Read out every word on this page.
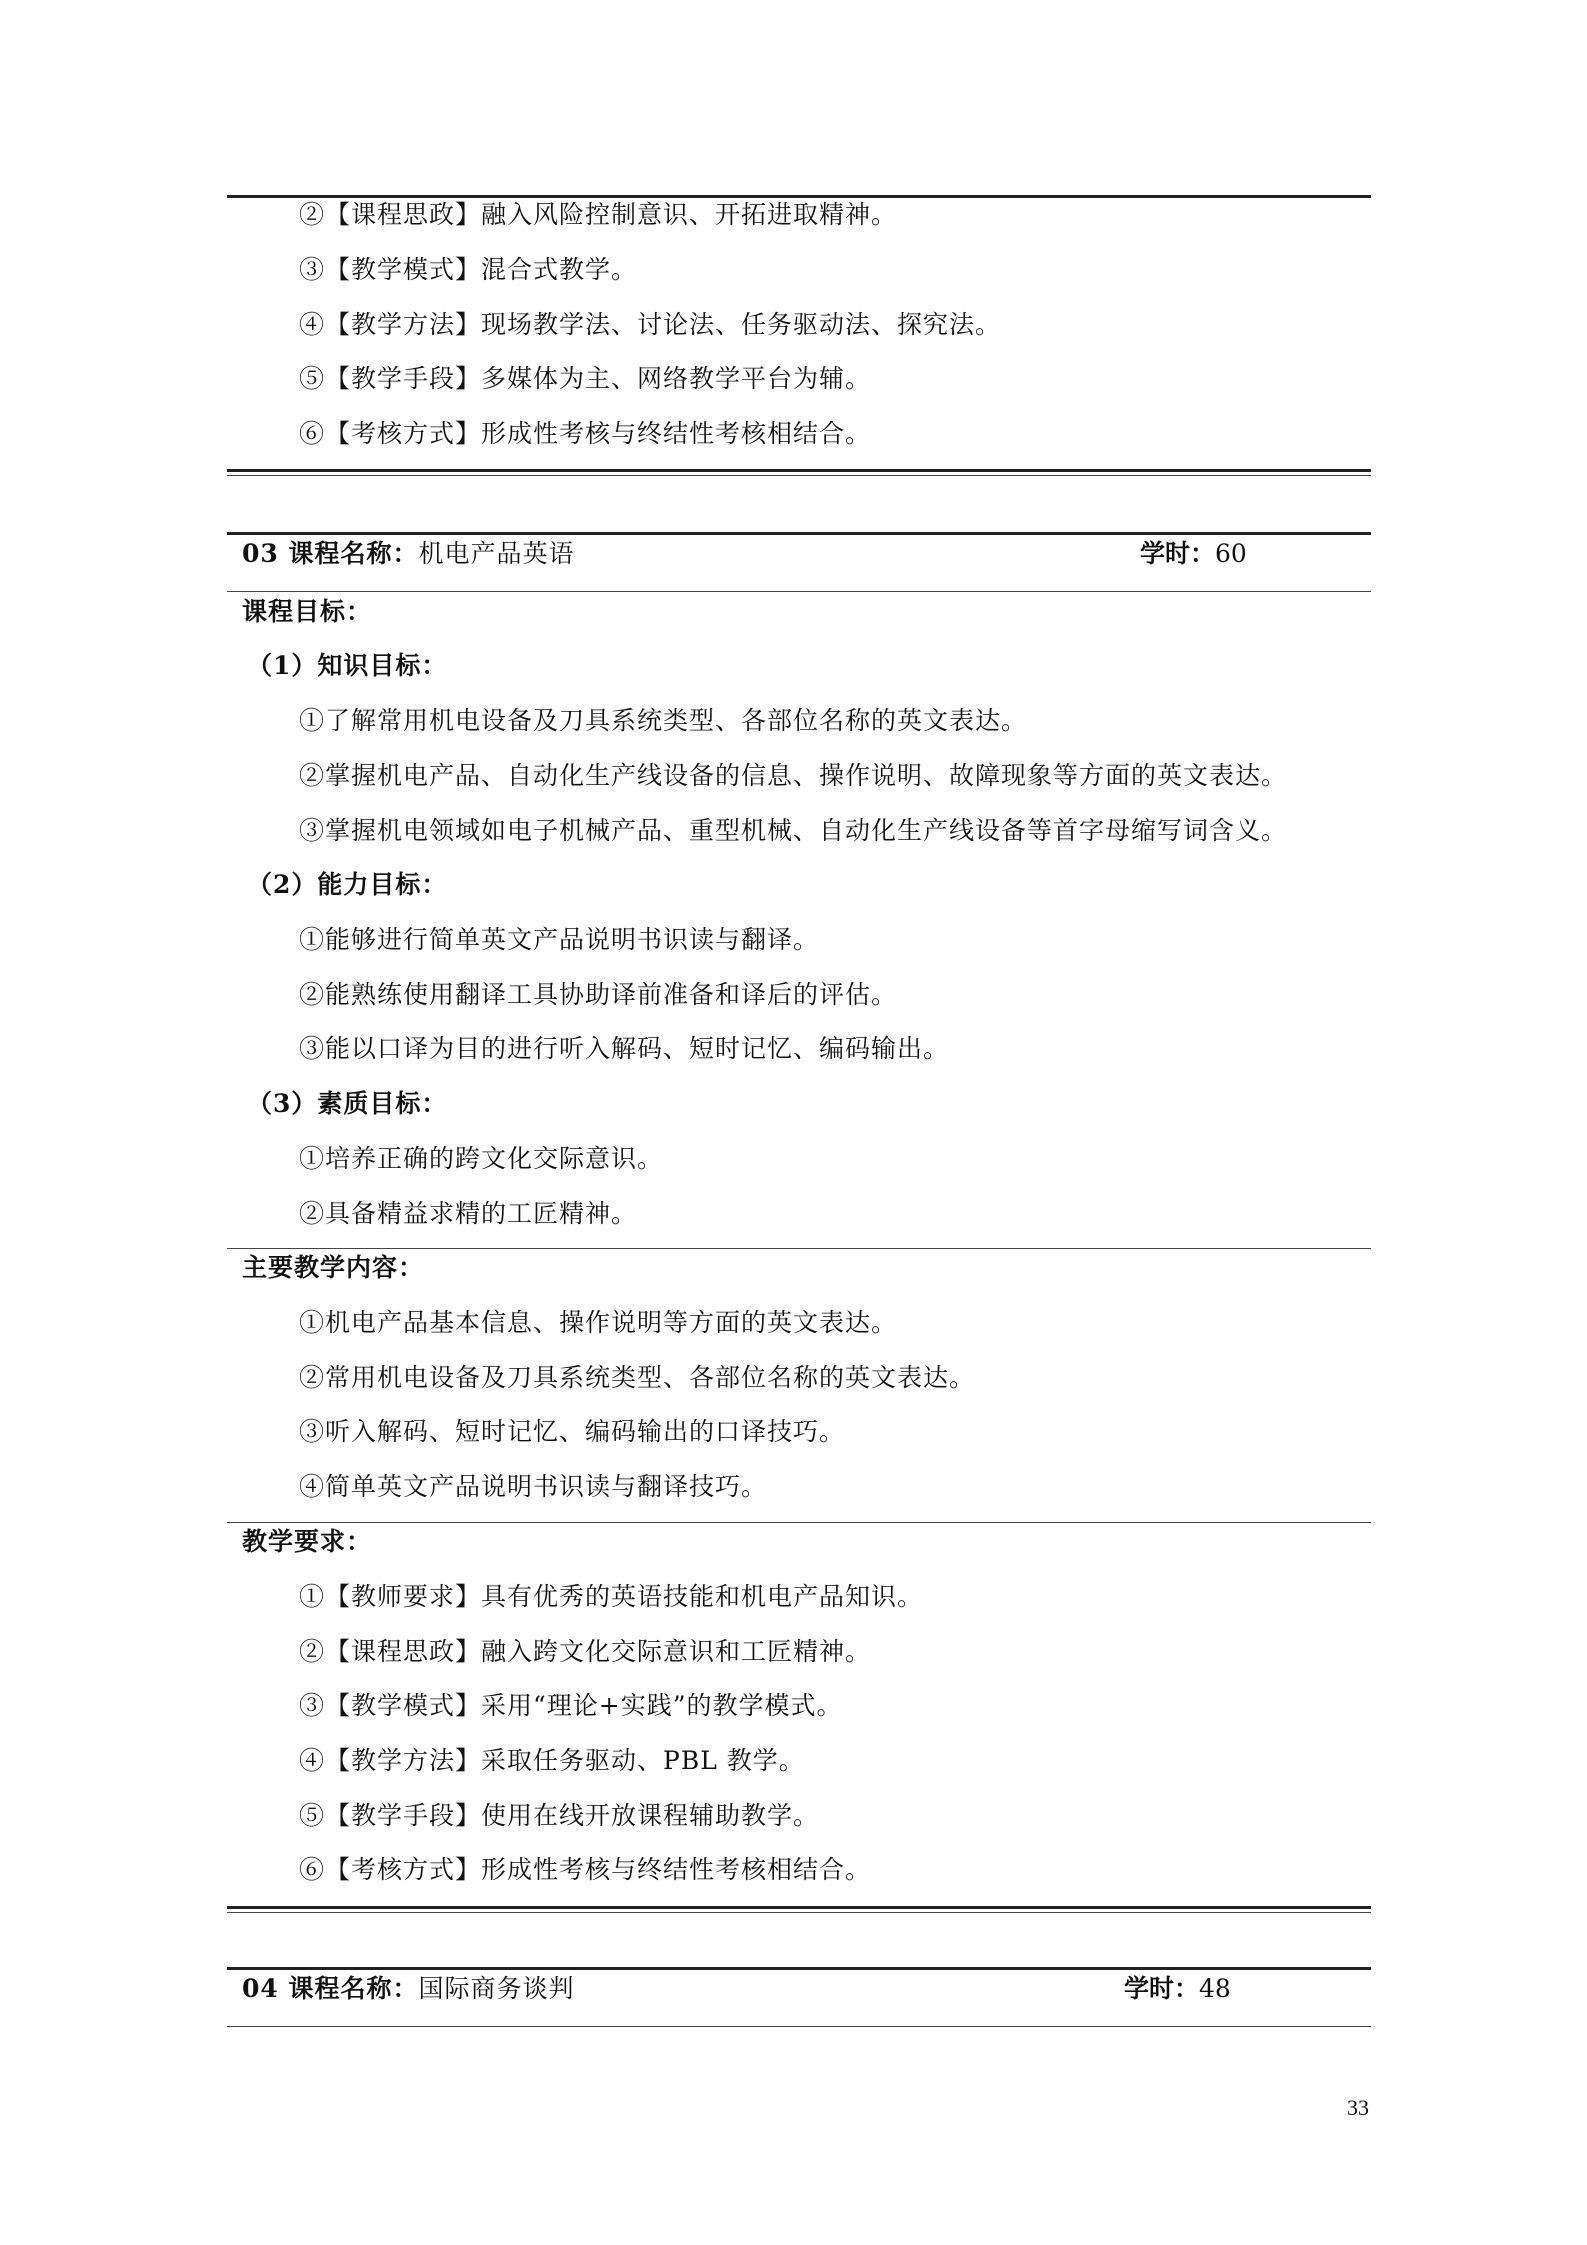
②【课程思政】融入风险控制意识、开拓进取精神。
③【教学模式】混合式教学。
④【教学方法】现场教学法、讨论法、任务驱动法、探究法。
⑤【教学手段】多媒体为主、网络教学平台为辅。
⑥【考核方式】形成性考核与终结性考核相结合。
03 课程名称：机电产品英语	学时：60
课程目标：
（1）知识目标：
①了解常用机电设备及刀具系统类型、各部位名称的英文表达。
②掌握机电产品、自动化生产线设备的信息、操作说明、故障现象等方面的英文表达。
③掌握机电领域如电子机械产品、重型机械、自动化生产线设备等首字母缩写词含义。
（2）能力目标：
①能够进行简单英文产品说明书识读与翻译。
②能熟练使用翻译工具协助译前准备和译后的评估。
③能以口译为目的进行听入解码、短时记忆、编码输出。
（3）素质目标：
①培养正确的跨文化交际意识。
②具备精益求精的工匠精神。
主要教学内容：
①机电产品基本信息、操作说明等方面的英文表达。
②常用机电设备及刀具系统类型、各部位名称的英文表达。
③听入解码、短时记忆、编码输出的口译技巧。
④简单英文产品说明书识读与翻译技巧。
教学要求：
①【教师要求】具有优秀的英语技能和机电产品知识。
②【课程思政】融入跨文化交际意识和工匠精神。
③【教学模式】采用“理论+实践”的教学模式。
④【教学方法】采取任务驱动、PBL 教学。
⑤【教学手段】使用在线开放课程辅助教学。
⑥【考核方式】形成性考核与终结性考核相结合。
04 课程名称：国际商务谈判	学时：48
33
